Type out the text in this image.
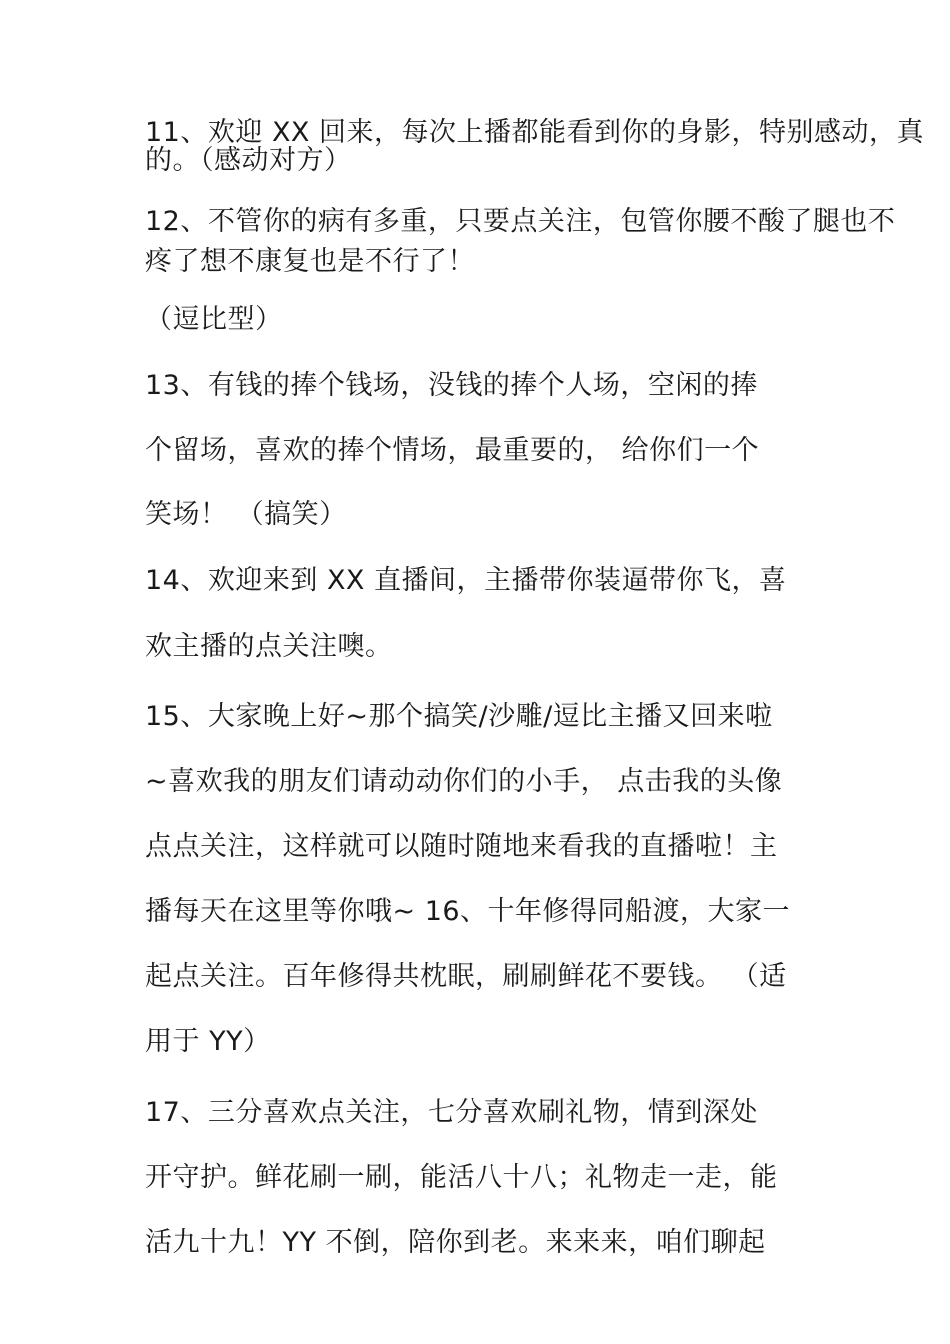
11、欢迎 XX 回来，每次上播都能看到你的身影，特别感动，真
的。（感动对方）
12、不管你的病有多重，只要点关注，包管你腰不酸了腿也不
疼了想不康复也是不行了！
（逗比型）
13、有钱的捧个钱场，没钱的捧个人场，空闲的捧
个留场，喜欢的捧个情场，最重要的， 给你们一个
笑场！ （搞笑）
14、欢迎来到 XX 直播间，主播带你装逼带你飞，喜
欢主播的点关注噢。
15、大家晚上好~那个搞笑/沙雕/逗比主播又回来啦
~喜欢我的朋友们请动动你们的小手， 点击我的头像
点点关注，这样就可以随时随地来看我的直播啦！主
播每天在这里等你哦~ 16、十年修得同船渡，大家一
起点关注。百年修得共枕眠，刷刷鲜花不要钱。 （适
用于 YY）
17、三分喜欢点关注，七分喜欢刷礼物，情到深处
开守护。鲜花刷一刷，能活八十八；礼物走一走，能
活九十九！YY 不倒，陪你到老。来来来，咱们聊起
